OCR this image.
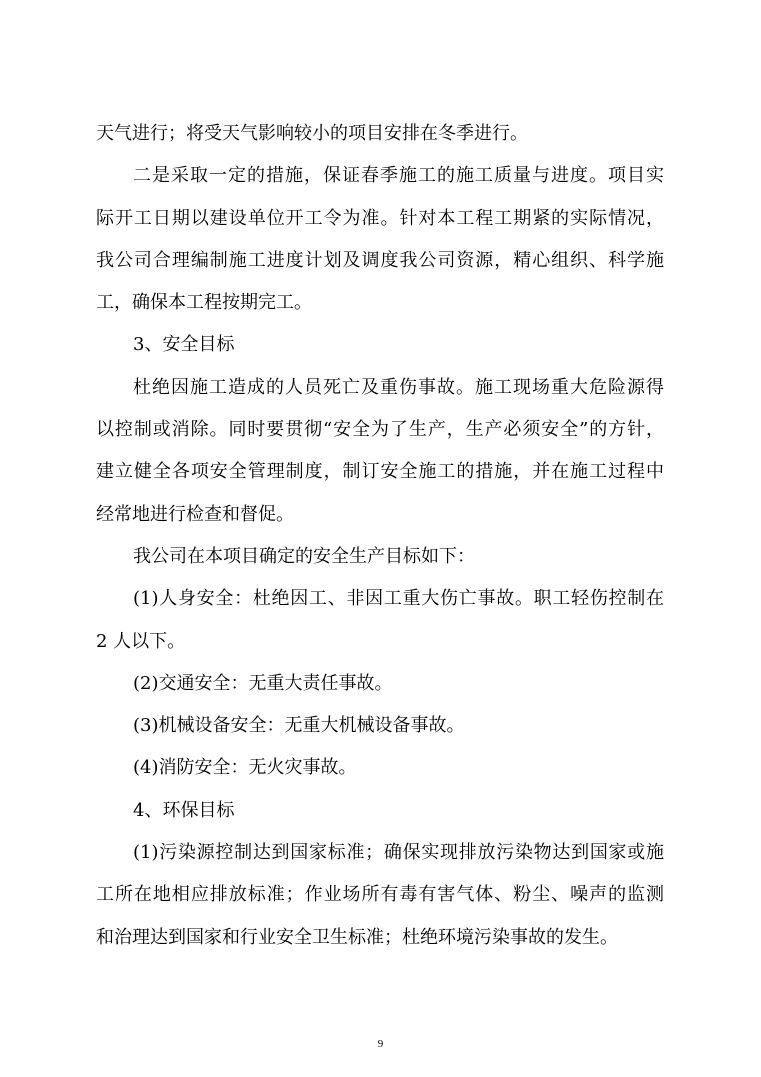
天气进行；将受天气影响较小的项目安排在冬季进行。
二是采取一定的措施，保证春季施工的施工质量与进度。项目实
际开工日期以建设单位开工令为准。针对本工程工期紧的实际情况，
我公司合理编制施工进度计划及调度我公司资源，精心组织、科学施
工，确保本工程按期完工。
3、安全目标
杜绝因施工造成的人员死亡及重伤事故。施工现场重大危险源得
以控制或消除。同时要贯彻“安全为了生产，生产必须安全”的方针，
建立健全各项安全管理制度，制订安全施工的措施，并在施工过程中
经常地进行检查和督促。
我公司在本项目确定的安全生产目标如下：
(1)人身安全：杜绝因工、非因工重大伤亡事故。职工轻伤控制在
2 人以下。
(2)交通安全：无重大责任事故。
(3)机械设备安全：无重大机械设备事故。
(4)消防安全：无火灾事故。
4、环保目标
(1)污染源控制达到国家标准；确保实现排放污染物达到国家或施
工所在地相应排放标准；作业场所有毒有害气体、粉尘、噪声的监测
和治理达到国家和行业安全卫生标准；杜绝环境污染事故的发生。
9
